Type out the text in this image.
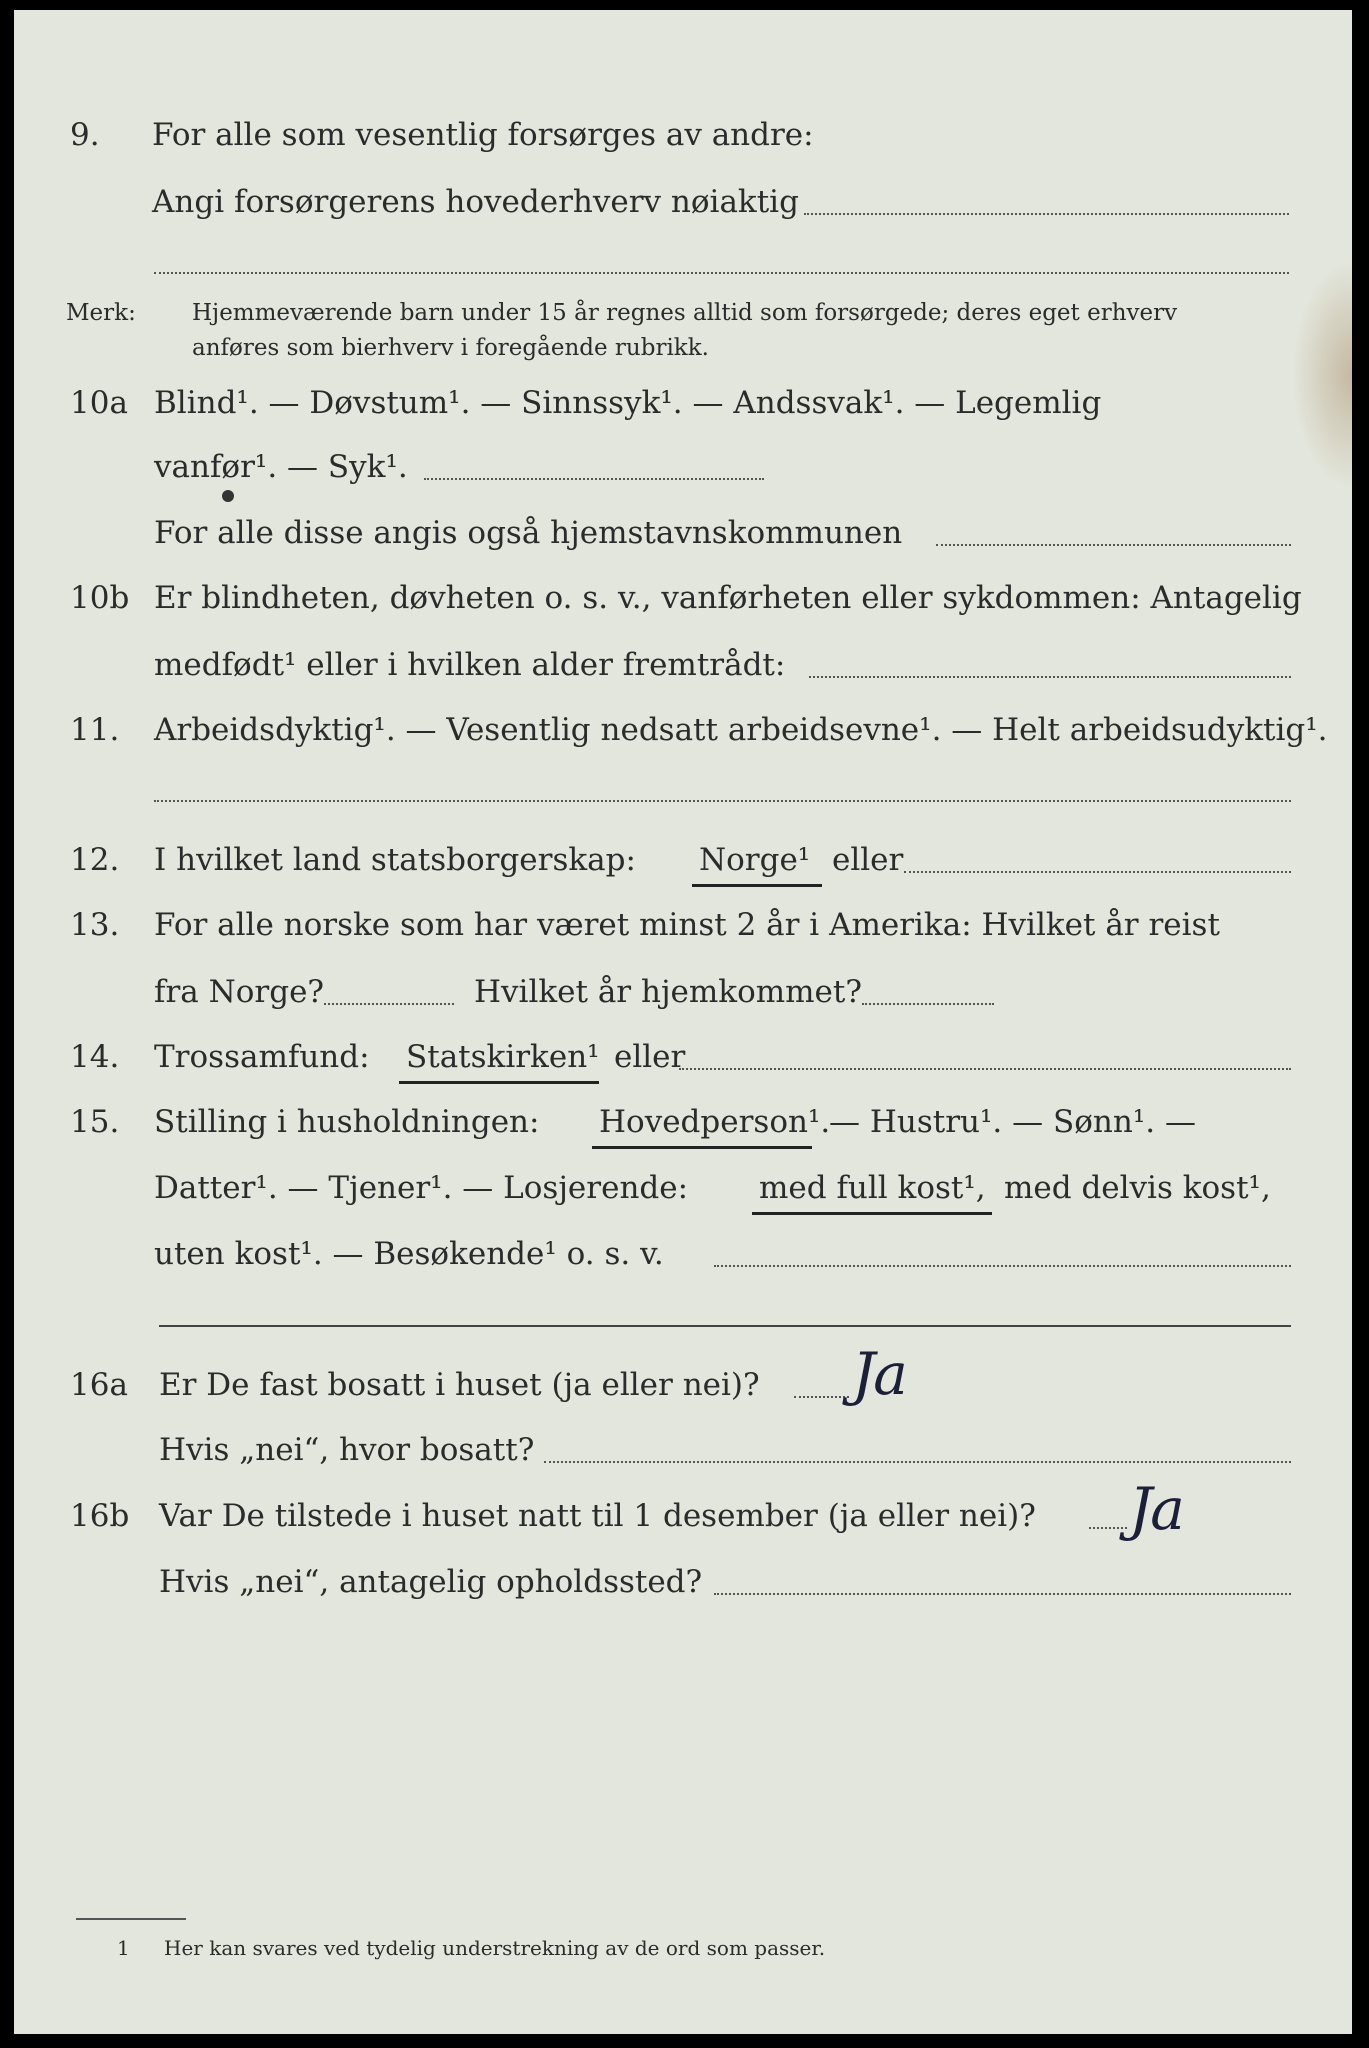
9. For alle som vesentlig forsørges av andre:
Angi forsørgerens hovederhverv nøiaktig
Merk: Hjemmeværende barn under 15 år regnes alltid som forsørgede; deres eget erhverv
anføres som bierhverv i foregående rubrikk.
10a Blind¹. — Døvstum¹. — Sinnssyk¹. — Andssvak¹. — Legemlig
vanfør¹. — Syk¹.
For alle disse angis også hjemstavnskommunen
10b Er blindheten, døvheten o. s. v., vanførheten eller sykdommen: Antagelig
medfødt¹ eller i hvilken alder fremtrådt:
11. Arbeidsdyktig¹. — Vesentlig nedsatt arbeidsevne¹. — Helt arbeidsudyktig¹.
12. I hvilket land statsborgerskap: Norge¹ eller
13. For alle norske som har været minst 2 år i Amerika: Hvilket år reist
fra Norge?	Hvilket år hjemkommet?
14. Trossamfund: Statskirken¹ eller
15. Stilling i husholdningen: Hovedperson¹.
— Hustru¹. — Sønn¹. —
Datter¹. — Tjener¹. — Losjerende: med full kost¹, med delvis kost¹,
uten kost¹. — Besøkende¹ o. s. v.
16a Er De fast bosatt i huset (ja eller nei)? Ja
Hvis „nei“, hvor bosatt?
16b Var De tilstede i huset natt til 1 desember (ja eller nei)? Ja
Hvis „nei“, antagelig opholdssted?
1 Her kan svares ved tydelig understrekning av de ord som passer.
